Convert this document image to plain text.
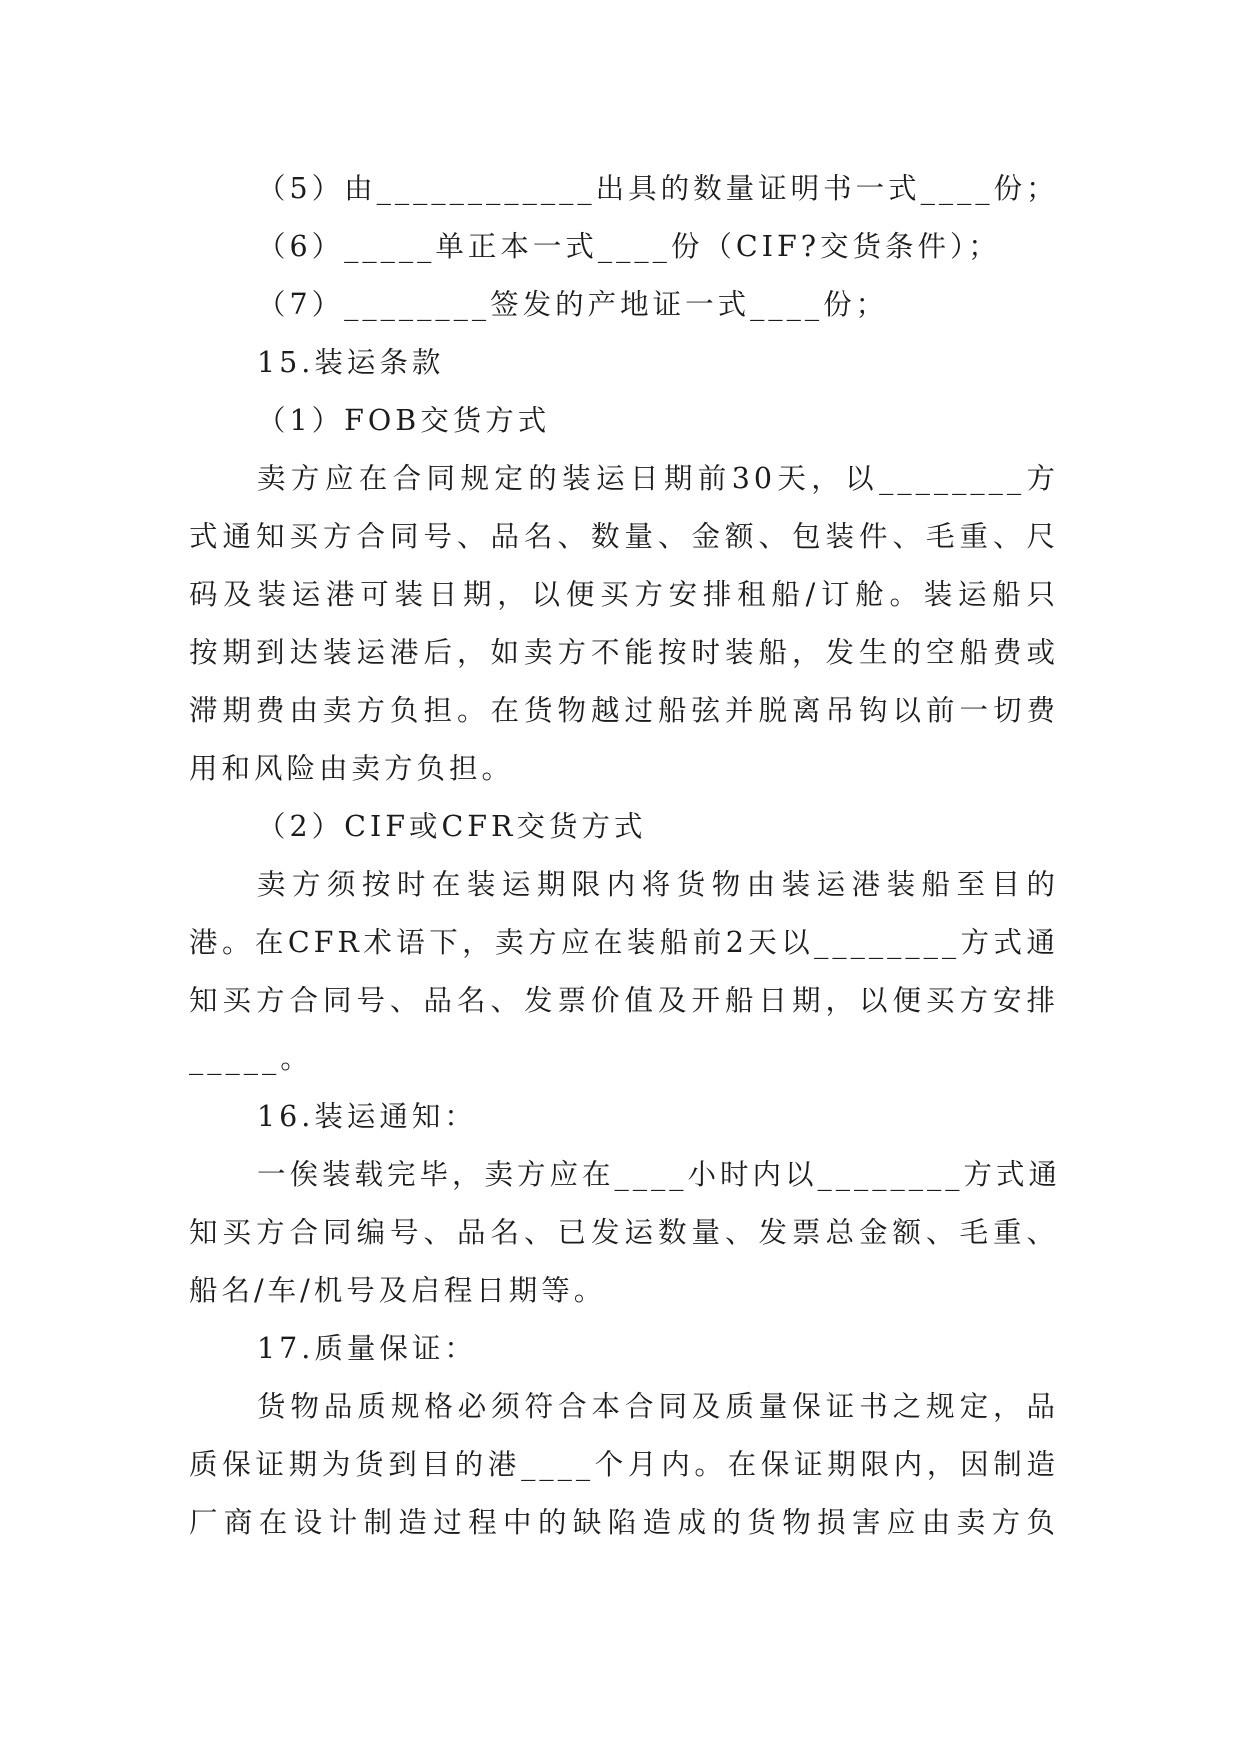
（5）由____________出具的数量证明书一式____份；

（6）_____单正本一式____份（CIF?交货条件）；

（7）________签发的产地证一式____份；

15.装运条款

（1）FOB交货方式

卖方应在合同规定的装运日期前30天，以________方

式通知买方合同号、品名、数量、金额、包装件、毛重、尺

码及装运港可装日期，以便买方安排租船/订舱。装运船只

按期到达装运港后，如卖方不能按时装船，发生的空船费或

滞期费由卖方负担。在货物越过船弦并脱离吊钩以前一切费

用和风险由卖方负担。

（2）CIF或CFR交货方式

卖方须按时在装运期限内将货物由装运港装船至目的

港。在CFR术语下，卖方应在装船前2天以________方式通

知买方合同号、品名、发票价值及开船日期，以便买方安排

_____。

16.装运通知：

一俟装载完毕，卖方应在____小时内以________方式通

知买方合同编号、品名、已发运数量、发票总金额、毛重、

船名/车/机号及启程日期等。

17.质量保证：

货物品质规格必须符合本合同及质量保证书之规定，品

质保证期为货到目的港____个月内。在保证期限内，因制造

厂商在设计制造过程中的缺陷造成的货物损害应由卖方负
